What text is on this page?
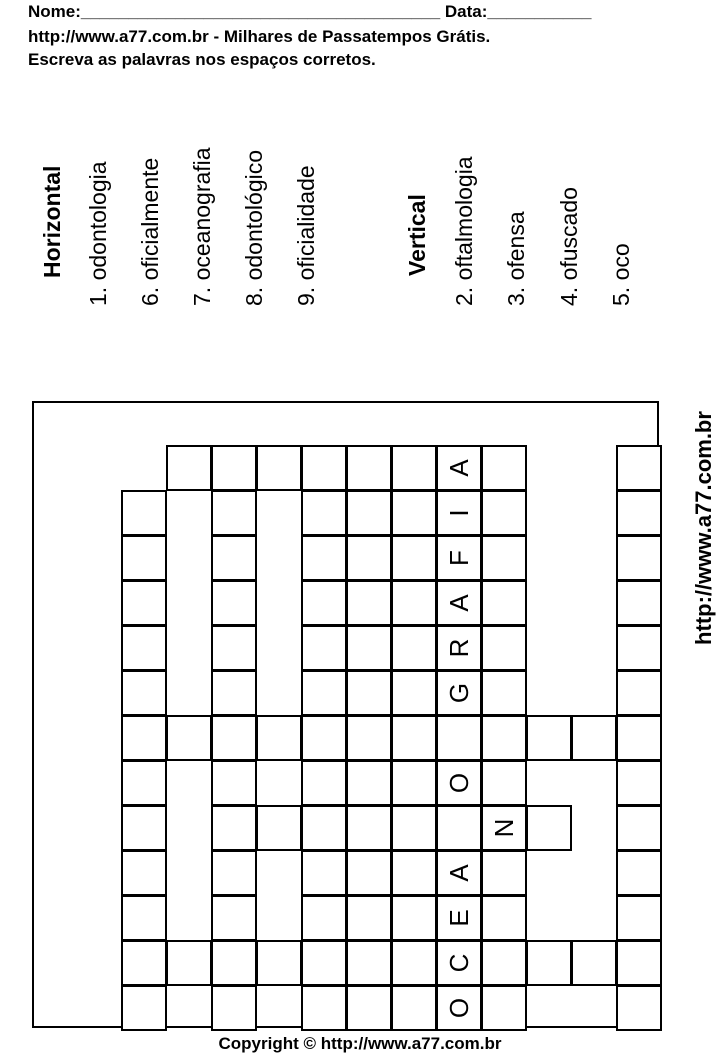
Nome:______________________________________ Data:___________
http://www.a77.com.br - Milhares de Passatempos Grátis.
Escreva as palavras nos espaços corretos.
Horizontal 1. odontologia 6. oficialmente 7. oceanografia 8. odontológico 9. oficialidade	Vertical 2. oftalmologia 3. ofensa 4. ofuscado 5. oco
http://www.a77.com.br
A
I
F
A
R
G
O
N
A
E
C
O
Copyright © http://www.a77.com.br
